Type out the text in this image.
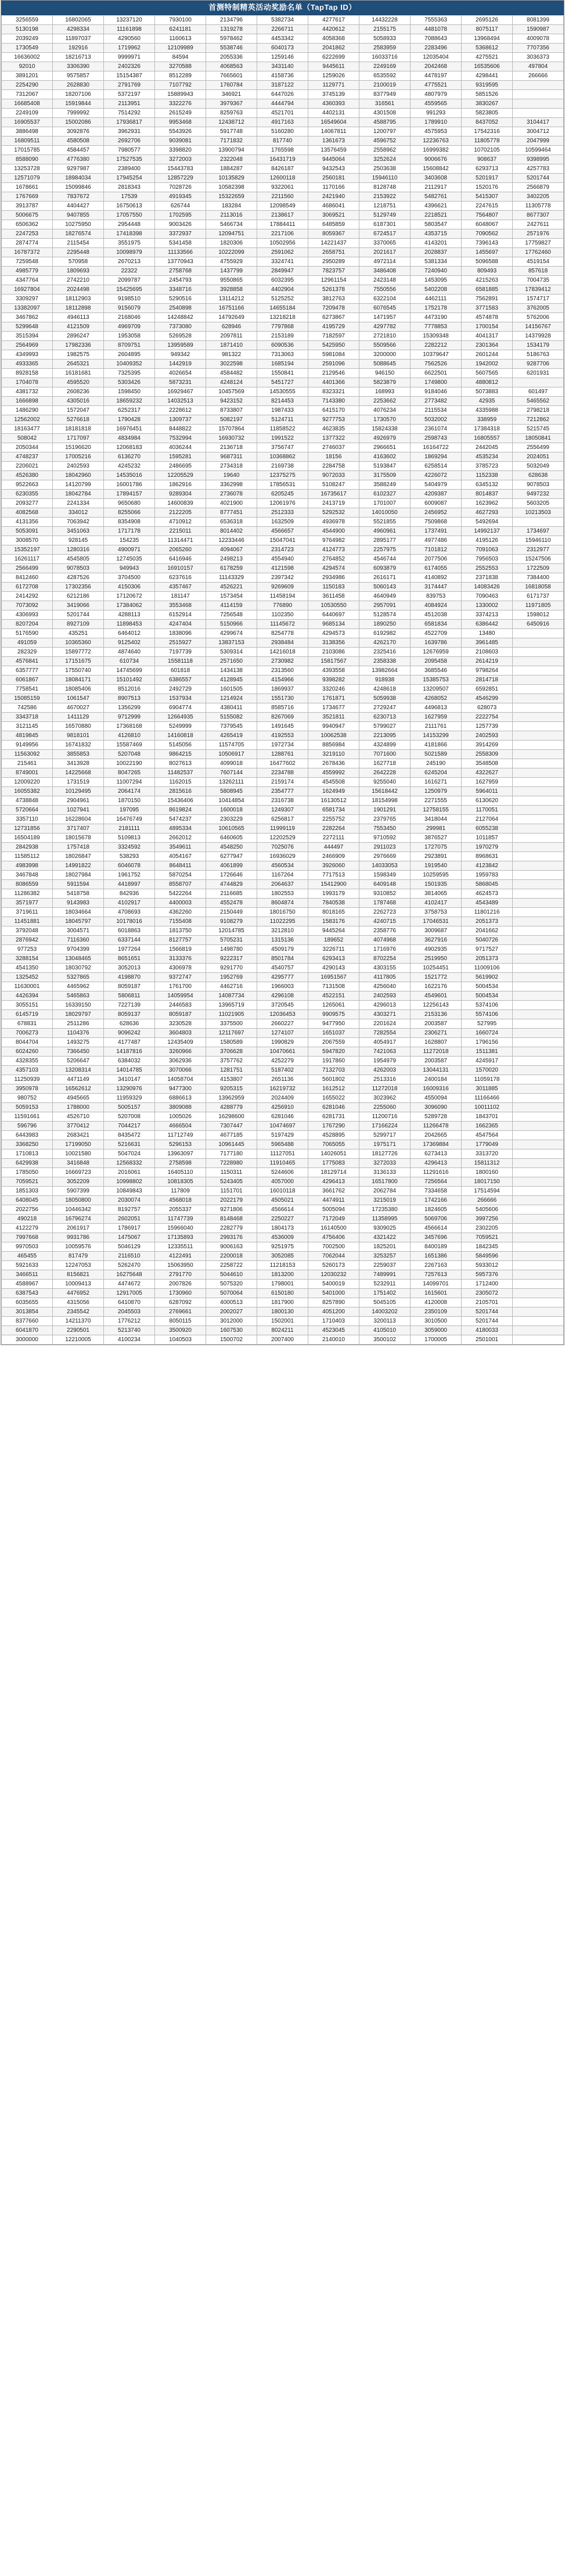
首测特制精英活动奖励名单（TapTap ID）
3256559	16802065	13237120	7930100	2134796	5382734	4277617	14432228	7555363	2695126	8081399
5130198	4298334	11161898	6241181	1319278	2266711	4420612	2155175	4481078	8075117	1590987
2039249	11897037	4290560	1160613	5978462	4453342	4058368	5058933	7088643	13968494	4009078
1730549	192916	1719962	12109989	5538746	6040173	2041862	2583959	2283496	5368612	7707356
16636002	18216713	9999971	84594	2055336	1259146	6222699	16033716	12035404	4275521	3036373
92010	3306390	2402326	3270588	4068563	3431140	9445611	2249169	2042468	16535606	497804
3891201	9575857	15154387	8512289	7665601	4158736	1259026	6535592	4478197	4298441	266666
2254290	2628830	2791769	7107792	1760784	3187122	1129771	2100019	4775521	9319595	
7312067	18207106	5372197	15889943	346921	6447026	3745139	8377949	4807979	5851526	
16685408	15919844	2113951	3322276	3979367	4444794	4360393	316561	4559565	3830267	
2249109	7999992	7514292	2615249	8259763	4521701	4402131	4301508	991293	5823805	
16905537	15002086	17936817	9953468	12438712	4917163	16549604	4588795	1789910	8437052	3104417
3886498	3092876	3962931	5543926	5917748	5160280	14067811	1200797	4575953	17542316	3004712
16809511	4580508	2692706	9039081	7171832	817740	1361673	4596752	12236763	11805778	2047999
17015785	4584457	7980577	3398820	13900794	1765598	13576459	2558962	16999382	10702105	10599464
8588090	4776380	17527535	3272003	2322048	16431719	9445064	3252624	9006676	908637	9398995
13253728	9297987	2389400	15443783	1884287	8426187	9432543	2503638	15608842	6293713	4257783
12571079	18984034	17945254	12857229	10135829	12600118	2560181	15946110	3403608	5201917	5201744
1678661	15099846	2818343	7028726	10582398	9322061	1170166	8128748	2112917	1520176	2566879
1767669	7837672	17539	4919345	15322659	2211560	2421940	2153922	5482761	5415307	3402205
3913787	4404427	16750613	626744	183284	12098549	4686041	1218751	4396621	2247615	11305778
5006675	9407855	17057550	1702595	2113016	2138617	3069521	5129749	2218521	7564807	8677307
6506362	10275950	2954448	9003426	5466734	17884411	6485859	6187301	5803547	6048067	2427611
2247253	18276574	17418398	3372937	12094751	2217106	8059367	6724517	4353715	7090562	2571976
2874774	2115454	3551975	5341458	1820306	10502956	14221437	3370065	4143201	7396143	17759827
16787372	2295448	10098979	11133566	10222099	2591062	2658751	2021617	2028837	1455697	17762460
7259548	570958	2670213	13770943	4755929	3324741	2950289	4972114	5381334	5096588	4519154
4985779	1809693	22322	2758768	1437799	2849947	7823757	3486408	7240940	809493	857618
4347764	2742210	2099787	2454793	9550865	6032395	12961154	2423148	1453095	4215263	7004735
16927804	2024498	15425695	3348716	3928858	4402904	5261378	7550556	5402208	6581885	17839412
3309297	18112903	9198510	5290516	13114212	5125252	3812763	6322104	4462111	7562891	1574717
13382097	18112898	9156079	2540898	16751166	14655184	7209478	6076545	1752178	3771583	3762005
3467862	4946113	2168046	14248842	14792649	13218218	6273867	1471957	4473190	4574878	5762006
5299648	4121509	4969709	7373080	628946	7797868	4195729	4297782	7778853	1700154	14156767
3515394	2896247	1953058	5269528	2097811	2153189	7182597	2721810	15309348	4041317	14379928
2564969	17982336	8709751	13959589	1871410	6090536	5425950	5509566	2282212	2301364	1534179
4349993	1982575	2604895	949342	981322	7313063	5981084	3200000	10379647	2601244	5186763
4933365	2645321	10409352	1442919	3022598	1685194	2591096	5088645	7562526	1942002	9287706
8928158	16181681	7325395	4026654	4584482	1550841	2129546	946150	6622501	5607565	6201931
1704078	4595520	5303426	5873231	4248124	5451727	4401366	5823879	1749800	4880812	
4381732	2608236	1598450	16929467	10457569	14530555	8323321	168993	9184046	5073883	601497
1666898	4305016	18659232	14032513	9423152	8214453	7143380	2253662	2773482	42935	5465562
1486290	1572047	6252317	2228612	8733807	1987433	6415170	4076234	2115534	4335988	2798218
12562002	5276618	1790428	1309737	5082197	5124711	9277753	1730570	5032002	338959	7212862
18163477	18181818	16976451	8448822	15707864	11858522	4623835	15824338	2361074	17384318	5215745
508042	1717097	4834984	7532994	16930732	1991522	1377322	4926979	2598743	16805557	18050841
2050344	15196620	12068183	4036244	2136718	3756747	2746037	2966651	16164722	2442045	2556499
4748237	17005216	6136270	1595281	9687311	10368862	18156	4163602	1869294	4535234	2024051
2206021	2402593	4245232	2486695	2734318	2169738	2284758	5193847	6258514	3785723	5032049
4526380	18042960	14535016	12205529	19640	12375275	9072033	3175509	4226072	1152338	628638
9522663	14120799	16001786	1862916	3362998	17856531	5108247	3588249	5404979	6345132	9078503
6230355	18042784	17894157	9289304	2736078	6205245	16735617	6102327	4209387	8014837	9497232
2093277	2241334	9650680	14600839	4021900	12061976	2413719	1701007	6009087	1623962	5603205
4082568	334012	8255066	2122205	8777451	2512333	5292532	14010050	2456952	4627293	10213503
4131356	7063942	8354908	4710912	6536318	1632509	4936978	5521855	7509868	5492694	
5053091	3451063	1717178	2215011	8014402	4566657	4544900	4960961	1737491	14992137	1734697
3008570	928145	154235	11314471	12233446	15047041	9764982	2895177	4977486	4195126	15946110
15352197	1280316	4900971	2065260	4094067	2314723	4124773	2257975	7101812	7091063	2312977
16261117	4545805	12745035	6416946	2498213	4554940	2764852	4546744	2077506	7956503	15247506
2566499	9078503	949943	16910157	6178259	4121598	4294574	6093879	6174055	2552553	1722509
8412460	4287526	3704500	6237616	11143329	2397342	2934986	2616171	4140892	2371838	7384400
6172708	17302356	4150306	4357467	4526221	9269609	1150183	5060143	3174447	14083426	16818058
2414292	6212186	17120672	181147	1573454	11458194	3611458	4640949	839753	7090463	6171737
7073092	3419066	17384062	3553468	4114159	776890	10530550	2957091	4084924	1330002	11971805
4306993	5201744	4288113	6152914	7256548	1102350	6440697	5128574	4512038	3374213	1598012
8207204	8927109	11898453	4247404	5150966	11145672	9685134	1890250	6581834	6386442	6450916
5176590	435251	6464012	1838096	4299674	8254778	4294573	6192982	4522709	13480	
491059	10365360	9125402	2515927	13837153	2938484	3138356	4262170	1639786	3961485	
282329	15897772	4874640	7197739	5309314	14216018	2103086	2325416	12676959	2108603	
4576841	17151675	610734	15581118	2571650	2730982	15817567	2358338	2095458	2614219	
6357777	17550740	14745699	601818	1434138	2313560	4393558	13982664	3685546	9798264	
6061867	18084171	15101492	6386557	4128945	4154966	9398282	918938	15385753	2814718	
7758541	18085406	8512016	2492729	1601505	1869937	3320246	4248618	13209507	6592851	
15085159	1061547	8907513	1537934	1214924	1551730	1761871	5059938	4268052	4546299	
742586	4670027	1356299	6904774	4380411	8585716	1734677	2729247	4496813	628073	
3343718	1411129	9712999	12664935	5155082	8267069	3521811	6230713	1627959	2222754	
3121145	16570880	17368168	5249999	7379545	1491645	9940947	5799027	2111761	1257739	
4819845	9818101	4126810	14160818	4265419	4192553	10062538	2213095	14153299	2402593	
9149956	16741832	15587469	5145056	11574705	1972734	8856984	4324899	4181866	3914269	
11563092	3855853	5207048	9864215	10506917	1288761	3219110	7071600	5021589	2558309	
215461	3413928	10022190	8027613	4099018	16477602	2678436	1627718	245190	3548508	
8749001	14225668	8047265	11482537	7607144	2234788	4559992	2642228	6245204	4322627	
12009220	1731519	11007294	1162015	13262111	2159174	4545508	9255040	1616271	1627959	
16055382	10129495	2064174	2815616	5808945	2354777	1624949	15618442	1250979	5964011	
4738848	2904961	1870150	15436406	10414854	2316738	16130512	18154998	2271555	6130620	
5720664	1027941	197095	8619824	1600018	1249307	6581734	1901291	12758155	1170051	
3357110	16228604	16476749	5474237	2303229	6256817	2255752	2379765	3418044	2127064	
12731856	3717407	2181111	4895334	10610565	11999119	2282264	7553450	299981	6055238	
16504189	18015678	5109813	2662012	6460605	12202529	2272111	9710592	3876527	1011857	
2842938	1757418	3324592	3549611	4548250	7025076	444497	2911023	1727075	1970279	
11585112	18026847	538293	4054167	6277947	16936029	2466909	2976669	2923891	8968631	
4983998	14991822	6046078	8648411	4061899	4560534	3926060	14033053	1919540	4123842	
3467848	18027984	1961752	5870254	1726646	1167264	7717513	1598349	10259595	1959783	
8086559	5911594	4418997	8558707	4744829	2064637	15412900	6409148	1501935	5868045	
11286382	5418758	842936	5422264	2116685	1802553	1993179	9310852	3814065	4624573	
3571977	9143983	4102917	4400003	4552478	8604874	7840538	1787468	4102417	4543489	
3719611	18034664	4708693	4362260	2150449	18016750	8018165	2262723	3758753	11801216	
11451881	18045797	10178016	7155408	9108279	11022295	1583176	4240715	17046531	2051373	
3792048	3004571	6018863	1813750	12014785	3212810	9445264	2358776	3009687	2041662	
2876942	7116360	6337144	8127757	5705231	1315136	189652	4074968	3627916	5040726	
977253	9704399	1977264	1566819	1498780	4509179	3226711	1716976	4902935	9717527	
3288154	13048465	8651651	3133376	9222317	8501784	6293413	8702254	2519950	2051373	
4541350	18030792	3052013	4306978	9291770	4540757	4290143	4303155	10254451	11009106	
1325452	5327865	4198870	9372747	1952769	4295777	16951567	4117805	1521772	5619902	
11630001	4465962	8059187	1761700	4462716	1966003	7131508	4256040	1622176	5004534	
4426394	5465863	5806811	14059954	14087734	4296108	4522151	2402593	4549601	5004534	
3055151	16339150	7227139	2446583	13965719	3720545	1265061	4296013	12256143	5374106	
6145719	18029797	8059137	8059187	11021905	12036453	9909575	4303271	2153136	5574106	
678831	2511286	628636	3230528	3375500	2660227	9477950	2201624	2003587	527995	
7006273	1104376	9096242	3604803	12117697	1274107	1651037	7282554	2306271	1660724	
8044704	1493275	4177487	12435409	1580589	1990829	2067559	4054917	1628807	1796156	
6024260	7366450	14187816	3260966	3706628	10470661	5947820	7421063	11272018	1511381	
4328355	5206647	6384032	3062936	3757762	4252279	1917860	1954979	2003587	4245917	
4357103	13208314	14014785	3070066	1281751	5187402	7132703	4262003	13044131	1570020	
11250939	4471149	3410147	14058704	4153807	2651136	5601802	2513316	2400184	11059178	
3950978	16562612	13290976	9477300	9205315	16219732	1612512	11272018	16009316	3011885	
980752	4945665	11959329	6886613	13962959	2024409	1655022	3023962	4550094	11166466	
5059153	1788000	5005157	3809088	4288779	4256910	6281046	2255060	3096090	10011102	
11591661	4526710	5207008	1005026	16298600	6281046	6281731	11200716	5289728	1843701	
596796	3770412	7044217	4666504	7307447	10474697	1767290	17166224	11266478	1662365	
6443983	2683421	8435472	11712749	4677185	5197429	4528895	5299717	2042665	4547564	
3368250	17199050	5216631	5296153	10961445	5965488	7065055	1975171	17369884	1779049	
1710813	10021580	5047024	13963097	7177180	11127051	14026051	18127726	6273413	3313720	
6429938	3416848	12568332	2758598	7228980	11910465	1775083	3272033	4296413	15811312	
1785050	16669723	2016061	16405110	1150311	5244606	18129714	3136133	11291616	1800160	
7059521	3052209	10998802	10818305	5243405	4057000	4296413	16517800	7256564	18017150	
1851303	5907399	10849843	117809	1151701	16010118	3661762	2062784	7334658	17514594	
6408045	18050800	2030074	4568018	2022179	4505021	4474911	3215019	1742166	266666	
2022756	10446342	8192757	2055337	9271806	4566614	5005094	17235380	1824605	5405606	
490218	16796274	2602051	11747739	8148468	2250227	7172049	11358995	5069706	3997256	
4122279	2061917	1786917	15966040	2282779	1804173	16140500	9309025	4566614	2302205	
7997668	9931786	1475067	17135893	2993176	4536009	4756406	4321422	3457696	7059521	
9970503	10059576	5046129	12335511	9006163	9251975	7002500	1825201	8400189	1842345	
465455	817479	2116510	4122491	2200018	3052085	7062044	3253257	1651386	5849596	
5921633	12247053	5262470	15063950	2258722	11218153	5260173	2259037	2267163	5933012	
3466511	8156821	16275648	2791770	5044610	1813200	12030232	7489991	7257613	5957376	
4588967	10009413	4474672	2007826	5075320	1798001	5400019	5232911	14099701	1712400	
6387543	4476952	12917005	1730960	5070064	6150180	5401000	1751402	1615601	2305072	
6035655	4315056	6410870	6287092	4000513	1817900	8257890	5045105	4120008	2105701	
3013854	2345542	2045503	2769661	2002027	1800130	4051200	14003202	2350109	5201744	
8377660	14211370	1776212	8050115	3012000	1502001	1710403	3200113	3010500	5201744	
6041870	2290501	5213740	3500920	1607530	8024211	4523045	4105010	3059000	4180033	
3000000	12210005	4100234	1040503	1500702	2007400	2140010	3500102	1700005	2501001	
